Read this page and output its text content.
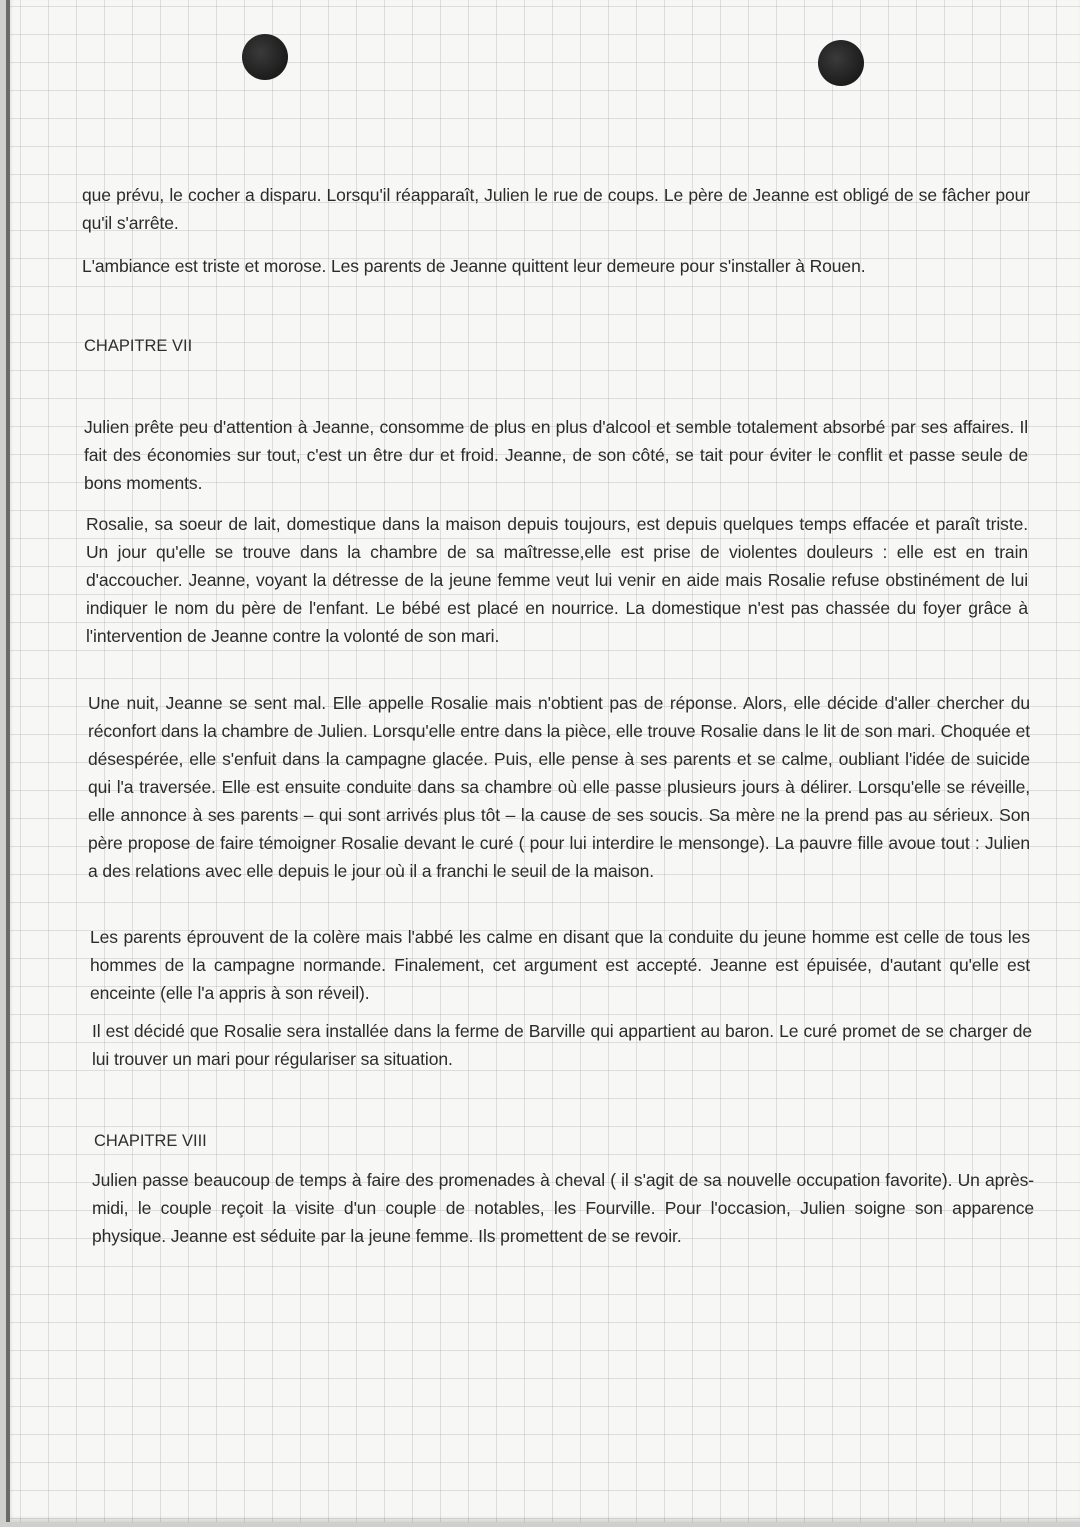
que prévu, le cocher a disparu. Lorsqu'il réapparaît, Julien le rue de coups. Le père de Jeanne est obligé de se fâcher pour qu'il s'arrête.
L'ambiance est triste et morose. Les parents de Jeanne quittent leur demeure pour s'installer à Rouen.
CHAPITRE VII
Julien prête peu d'attention à Jeanne, consomme de plus en plus d'alcool et semble totalement absorbé par ses affaires. Il fait des économies sur tout, c'est un être dur et froid. Jeanne, de son côté, se tait pour éviter le conflit et passe seule de bons moments.
Rosalie, sa soeur de lait, domestique dans la maison depuis toujours, est depuis quelques temps effacée et paraît triste. Un jour qu'elle se trouve dans la chambre de sa maîtresse,elle est prise de violentes douleurs : elle est en train d'accoucher. Jeanne, voyant la détresse de la jeune femme veut lui venir en aide mais Rosalie refuse obstinément de lui indiquer le nom du père de l'enfant. Le bébé est placé en nourrice. La domestique n'est pas chassée du foyer grâce à l'intervention de Jeanne contre la volonté de son mari.
Une nuit, Jeanne se sent mal. Elle appelle Rosalie mais n'obtient pas de réponse. Alors, elle décide d'aller chercher du réconfort dans la chambre de Julien. Lorsqu'elle entre dans la pièce, elle trouve Rosalie dans le lit de son mari. Choquée et désespérée, elle s'enfuit dans la campagne glacée. Puis, elle pense à ses parents et se calme, oubliant l'idée de suicide qui l'a traversée. Elle est ensuite conduite dans sa chambre où elle passe plusieurs jours à délirer. Lorsqu'elle se réveille, elle annonce à ses parents – qui sont arrivés plus tôt – la cause de ses soucis. Sa mère ne la prend pas au sérieux. Son père propose de faire témoigner Rosalie devant le curé ( pour lui interdire le mensonge). La pauvre fille avoue tout : Julien a des relations avec elle depuis le jour où il a franchi le seuil de la maison.
Les parents éprouvent de la colère mais l'abbé les calme en disant que la conduite du jeune homme est celle de tous les hommes de la campagne normande. Finalement, cet argument est accepté. Jeanne est épuisée, d'autant qu'elle est enceinte (elle l'a appris à son réveil).
Il est décidé que Rosalie sera installée dans la ferme de Barville qui appartient au baron. Le curé promet de se charger de lui trouver un mari pour régulariser sa situation.
CHAPITRE VIII
Julien passe beaucoup de temps à faire des promenades à cheval ( il s'agit de sa nouvelle occupation favorite). Un après-midi, le couple reçoit la visite d'un couple de notables, les Fourville. Pour l'occasion, Julien soigne son apparence physique. Jeanne est séduite par la jeune femme. Ils promettent de se revoir.
